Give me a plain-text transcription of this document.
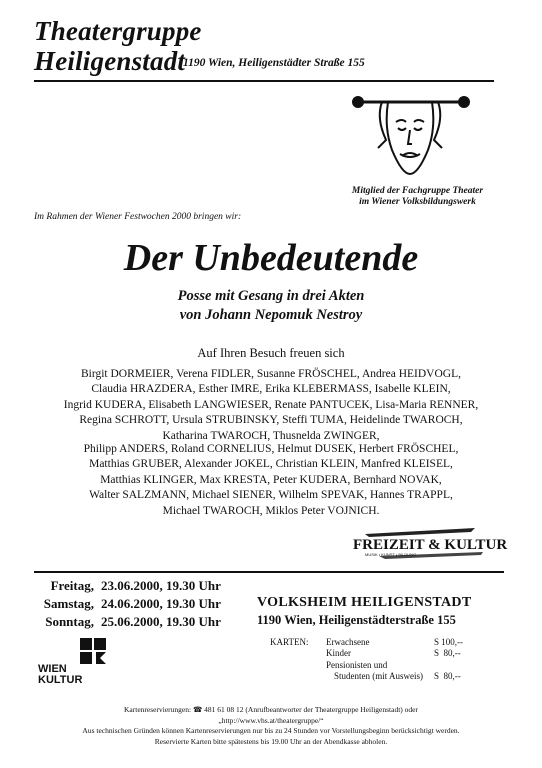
Theatergruppe
Heiligenstadt
1190 Wien, Heiligenstädter Straße 155
Mitglied der Fachgruppe Theater
im Wiener Volksbildungswerk
Im Rahmen der Wiener Festwochen 2000 bringen wir:
Der Unbedeutende
Posse mit Gesang in drei Akten
von Johann Nepomuk Nestroy
Auf Ihren Besuch freuen sich
Birgit DORMEIER, Verena FIDLER, Susanne FRÖSCHEL, Andrea HEIDVOGL,
Claudia HRAZDERA, Esther IMRE, Erika KLEBERMASS, Isabelle KLEIN,
Ingrid KUDERA, Elisabeth LANGWIESER, Renate PANTUCEK, Lisa-Maria RENNER,
Regina SCHROTT, Ursula STRUBINSKY, Steffi TUMA, Heidelinde TWAROCH,
Katharina TWAROCH, Thusnelda ZWINGER,
Philipp ANDERS, Roland CORNELIUS, Helmut DUSEK, Herbert FRÖSCHEL,
Matthias GRUBER, Alexander JOKEL, Christian KLEIN, Manfred KLEISEL,
Matthias KLINGER, Max KRESTA, Peter KUDERA, Bernhard NOVAK,
Walter SALZMANN, Michael SIENER, Wilhelm SPEVAK, Hannes TRAPPL,
Michael TWAROCH, Miklos Peter VOJNICH.
FREIZEIT & KULTUR
MUSIK • KUNST • BILDUNG
Freitag, 23.06.2000, 19.30 Uhr
Samstag, 24.06.2000, 19.30 Uhr
Sonntag, 25.06.2000, 19.30 Uhr
VOLKSHEIM HEILIGENSTADT
1190 Wien, Heiligenstädterstraße 155
KARTEN: Erwachsene	S 100,--
Kinder	S  80,--
Pensionisten und
Studenten (mit Ausweis) S  80,--
WIEN
KULTUR
Kartenreservierungen: ☎ 481 61 08 12 (Anrufbeantworter der Theatergruppe Heiligenstadt) oder
„http://www.vhs.at/theatergruppe/“
Aus technischen Gründen können Kartenreservierungen nur bis zu 24 Stunden vor Vorstellungsbeginn berücksichtigt werden.
Reservierte Karten bitte spätestens bis 19.00 Uhr an der Abendkasse abholen.
